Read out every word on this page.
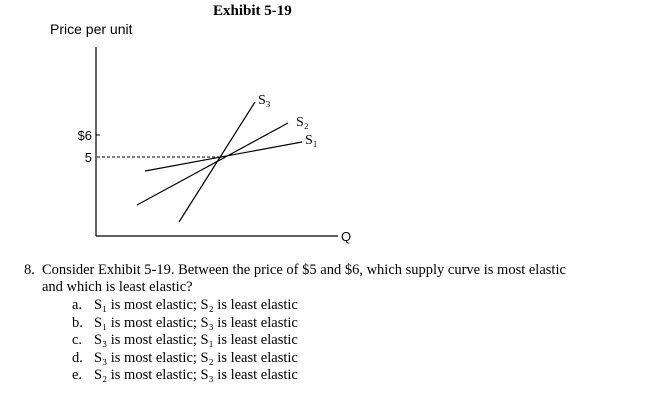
Exhibit 5-19
Price per unit
$6
5
S₃
S₂
S₁
Q
8. Consider Exhibit 5-19. Between the price of $5 and $6, which supply curve is most elastic
and which is least elastic?
a. S₁ is most elastic; S₂ is least elastic
b. S₁ is most elastic; S₃ is least elastic
c. S₃ is most elastic; S₁ is least elastic
d. S₃ is most elastic; S₂ is least elastic
e. S₂ is most elastic; S₃ is least elastic
